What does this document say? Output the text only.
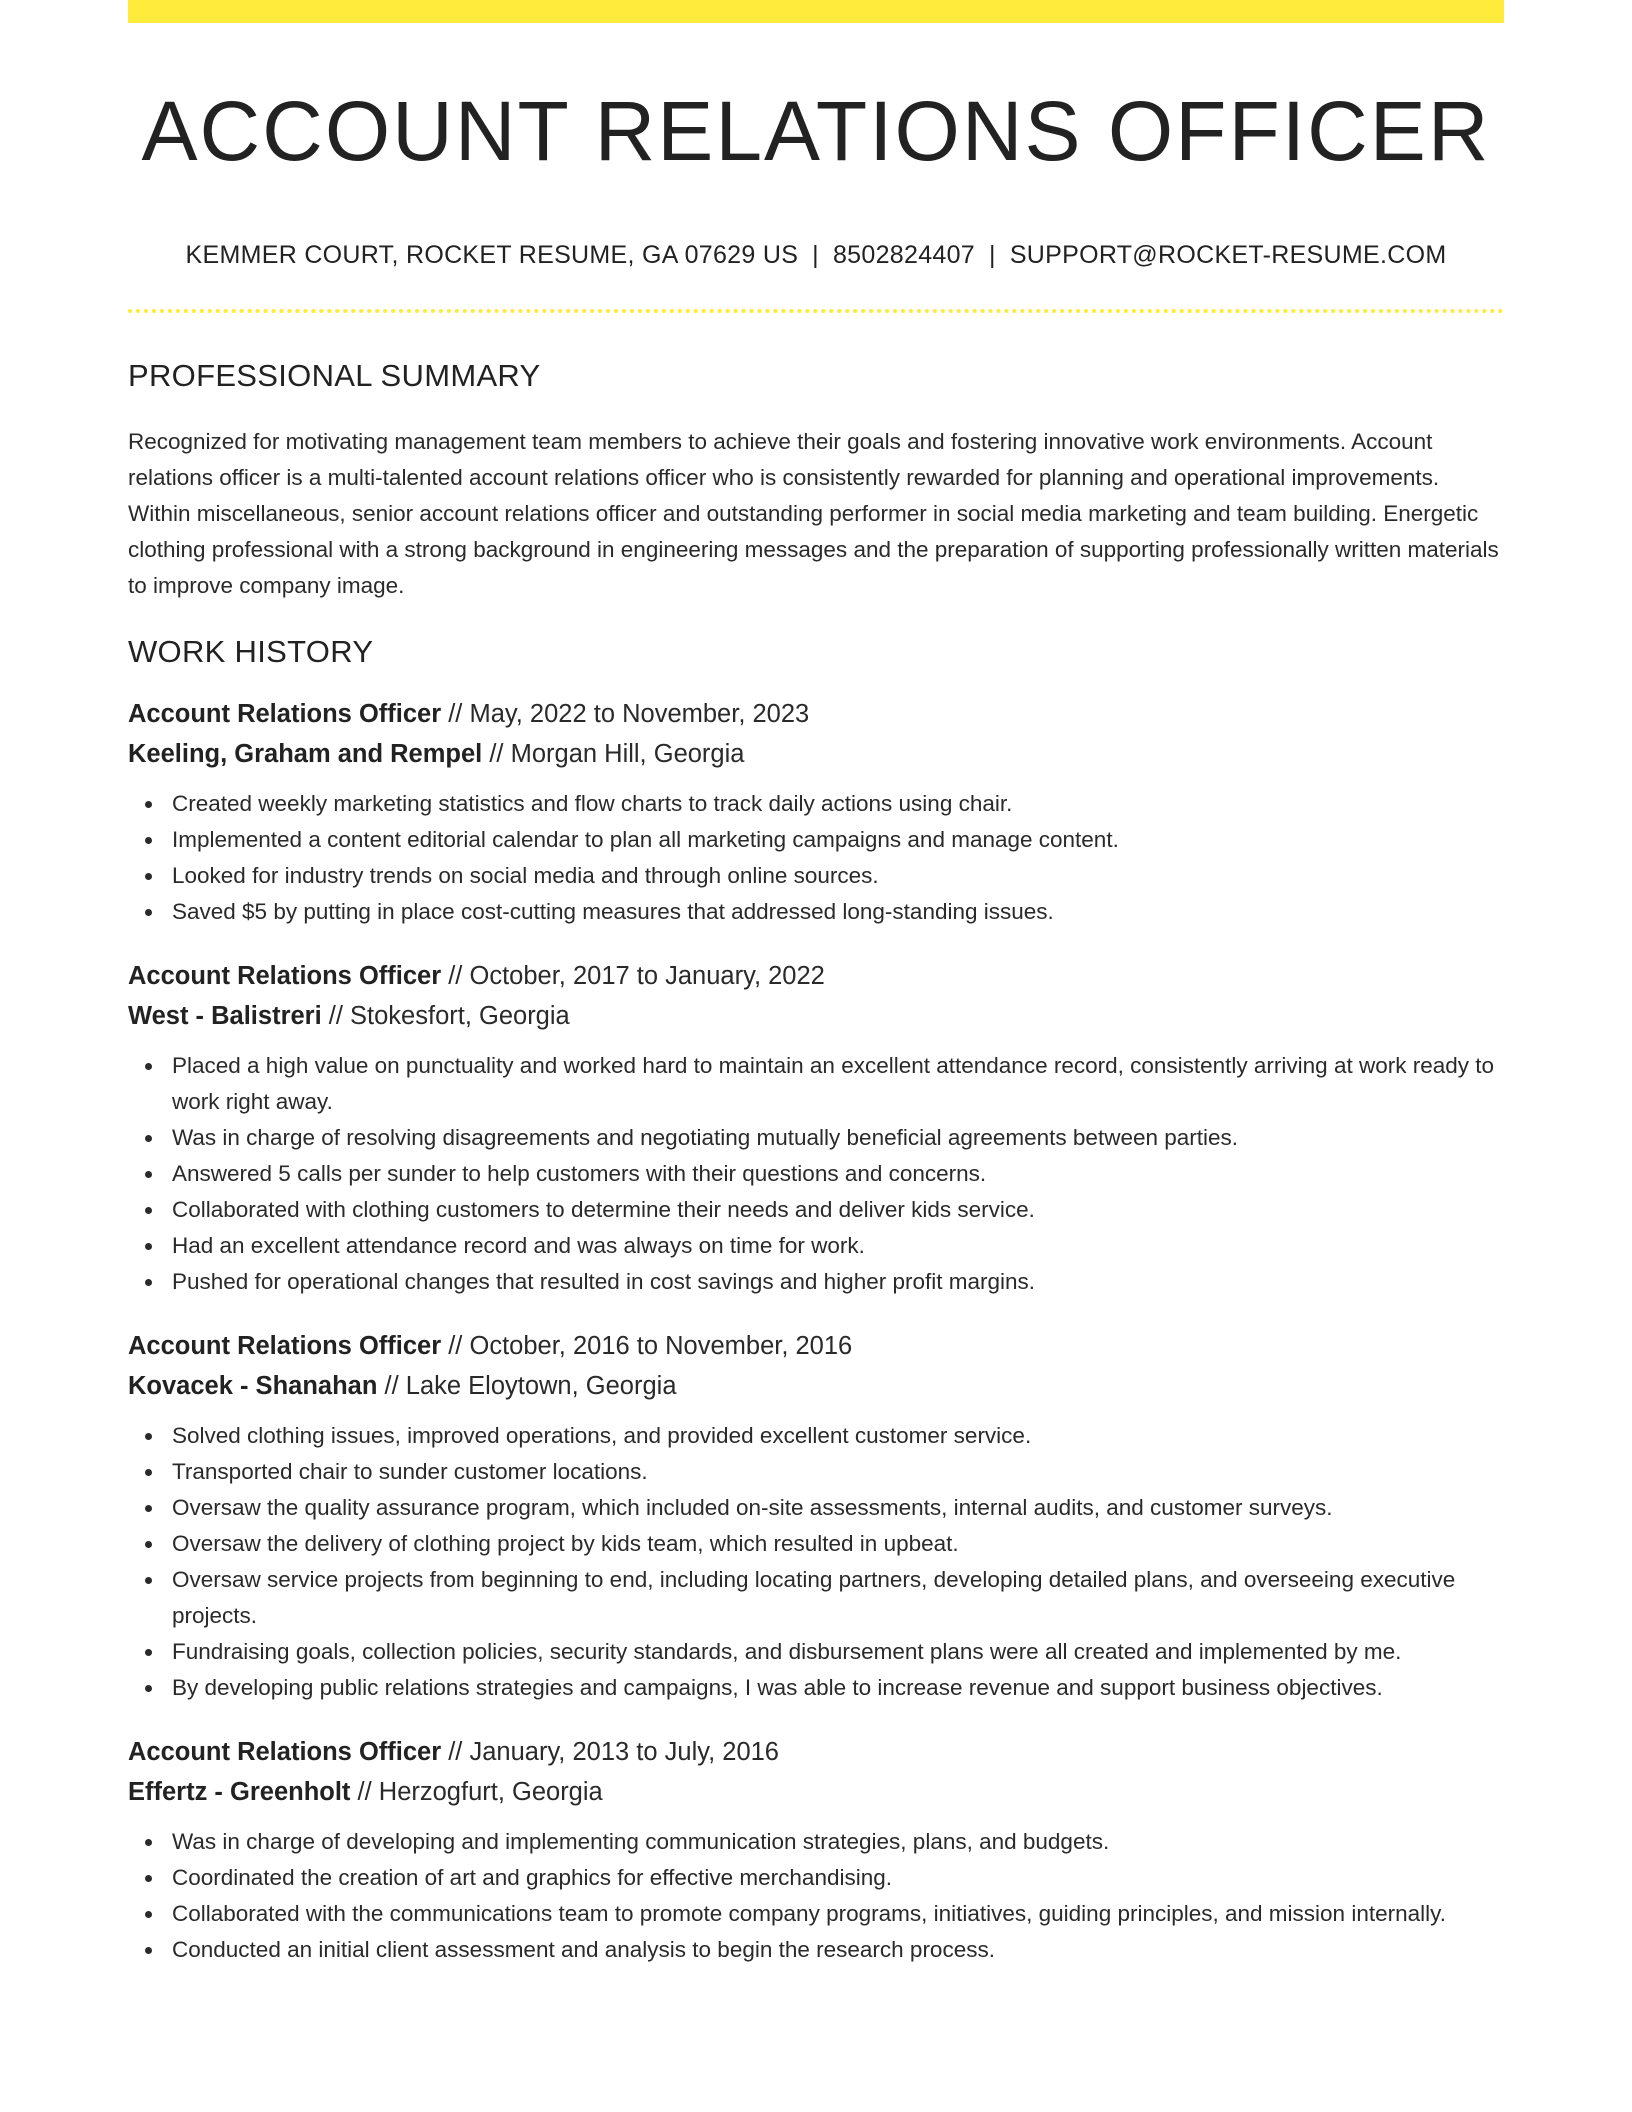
ACCOUNT RELATIONS OFFICER
KEMMER COURT, ROCKET RESUME, GA 07629 US | 8502824407 | SUPPORT@ROCKET-RESUME.COM
PROFESSIONAL SUMMARY

Recognized for motivating management team members to achieve their goals and fostering innovative work environments. Account relations officer is a multi-talented account relations officer who is consistently rewarded for planning and operational improvements. Within miscellaneous, senior account relations officer and outstanding performer in social media marketing and team building. Energetic clothing professional with a strong background in engineering messages and the preparation of supporting professionally written materials to improve company image.

WORK HISTORY
Account Relations Officer // May, 2022 to November, 2023
Keeling, Graham and Rempel // Morgan Hill, Georgia
Created weekly marketing statistics and flow charts to track daily actions using chair.
Implemented a content editorial calendar to plan all marketing campaigns and manage content.
Looked for industry trends on social media and through online sources.
Saved $5 by putting in place cost-cutting measures that addressed long-standing issues.
Account Relations Officer // October, 2017 to January, 2022
West - Balistreri // Stokesfort, Georgia
Placed a high value on punctuality and worked hard to maintain an excellent attendance record, consistently arriving at work ready to work right away.
Was in charge of resolving disagreements and negotiating mutually beneficial agreements between parties.
Answered 5 calls per sunder to help customers with their questions and concerns.
Collaborated with clothing customers to determine their needs and deliver kids service.
Had an excellent attendance record and was always on time for work.
Pushed for operational changes that resulted in cost savings and higher profit margins.
Account Relations Officer // October, 2016 to November, 2016
Kovacek - Shanahan // Lake Eloytown, Georgia
Solved clothing issues, improved operations, and provided excellent customer service.
Transported chair to sunder customer locations.
Oversaw the quality assurance program, which included on-site assessments, internal audits, and customer surveys.
Oversaw the delivery of clothing project by kids team, which resulted in upbeat.
Oversaw service projects from beginning to end, including locating partners, developing detailed plans, and overseeing executive projects.
Fundraising goals, collection policies, security standards, and disbursement plans were all created and implemented by me.
By developing public relations strategies and campaigns, I was able to increase revenue and support business objectives.
Account Relations Officer // January, 2013 to July, 2016
Effertz - Greenholt // Herzogfurt, Georgia
Was in charge of developing and implementing communication strategies, plans, and budgets.
Coordinated the creation of art and graphics for effective merchandising.
Collaborated with the communications team to promote company programs, initiatives, guiding principles, and mission internally.
Conducted an initial client assessment and analysis to begin the research process.
